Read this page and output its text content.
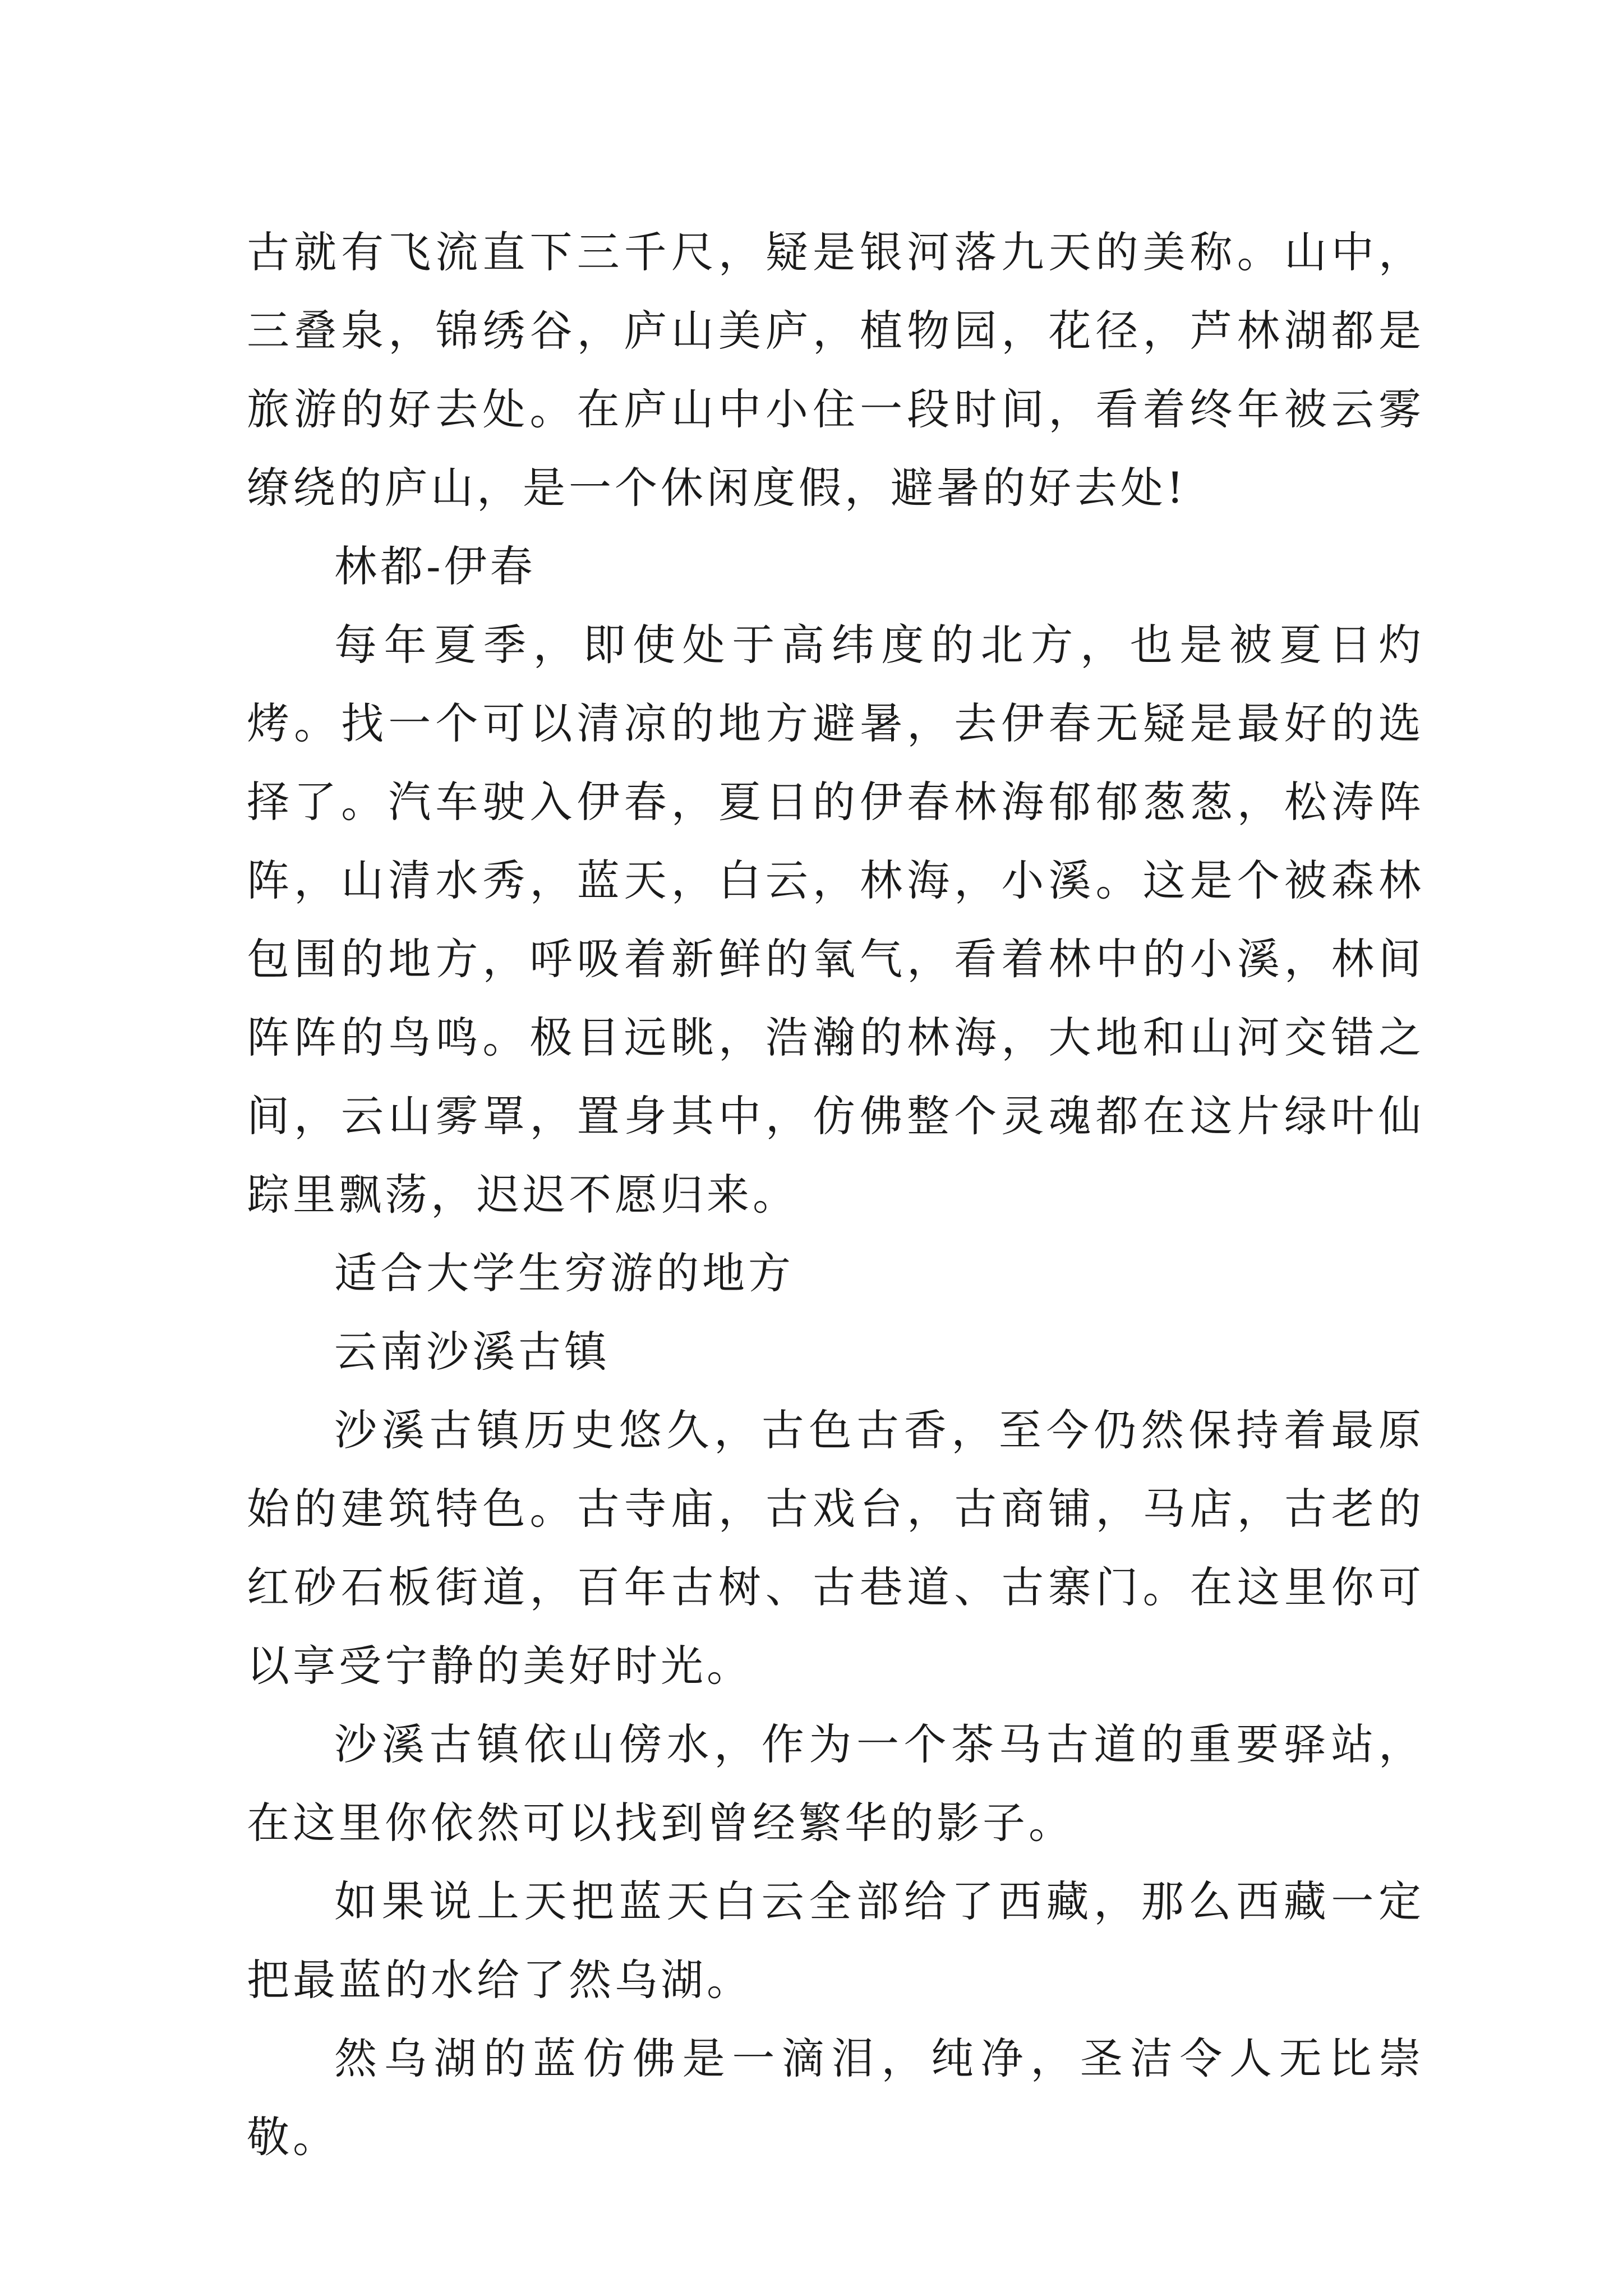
古就有飞流直下三千尺，疑是银河落九天的美称。山中，三叠泉，锦绣谷，庐山美庐，植物园，花径，芦林湖都是旅游的好去处。在庐山中小住一段时间，看着终年被云雾缭绕的庐山，是一个休闲度假，避暑的好去处!

林都-伊春

每年夏季，即使处于高纬度的北方，也是被夏日灼烤。找一个可以清凉的地方避暑，去伊春无疑是最好的选择了。汽车驶入伊春，夏日的伊春林海郁郁葱葱，松涛阵阵，山清水秀，蓝天，白云，林海，小溪。这是个被森林包围的地方，呼吸着新鲜的氧气，看着林中的小溪，林间阵阵的鸟鸣。极目远眺，浩瀚的林海，大地和山河交错之间，云山雾罩，置身其中，仿佛整个灵魂都在这片绿叶仙踪里飘荡，迟迟不愿归来。

适合大学生穷游的地方

云南沙溪古镇

沙溪古镇历史悠久，古色古香，至今仍然保持着最原始的建筑特色。古寺庙，古戏台，古商铺，马店，古老的红砂石板街道，百年古树、古巷道、古寨门。在这里你可以享受宁静的美好时光。

沙溪古镇依山傍水，作为一个茶马古道的重要驿站，在这里你依然可以找到曾经繁华的影子。

如果说上天把蓝天白云全部给了西藏，那么西藏一定把最蓝的水给了然乌湖。

然乌湖的蓝仿佛是一滴泪，纯净，圣洁令人无比崇敬。
